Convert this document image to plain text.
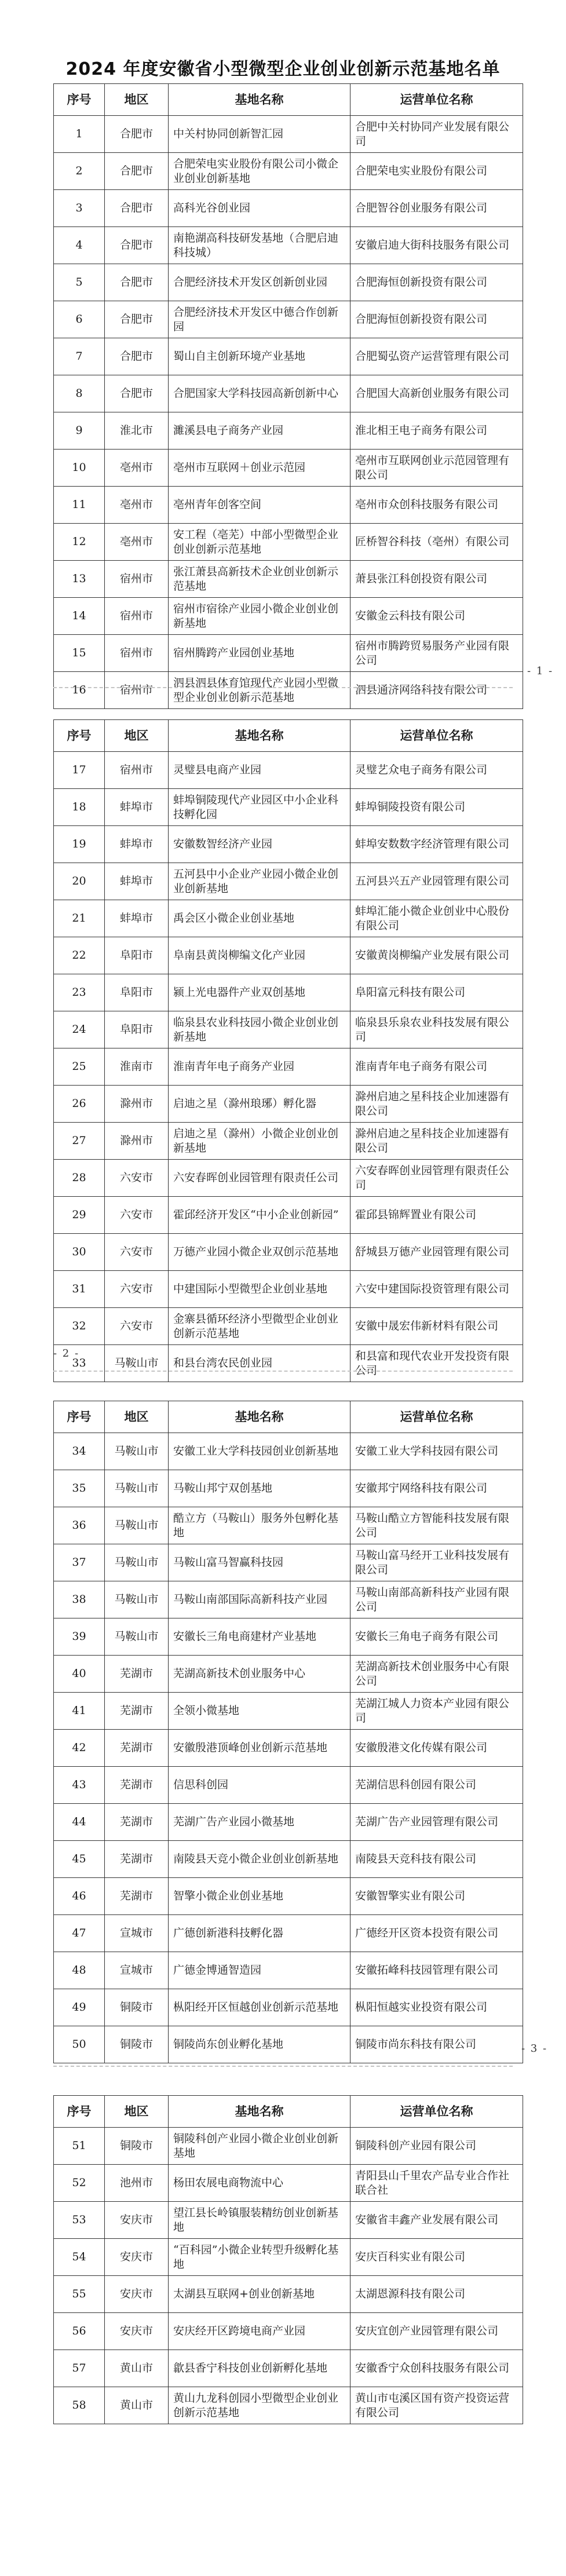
2024 年度安徽省小型微型企业创业创新示范基地名单
序号	地区	基地名称	运营单位名称
1	合肥市	中关村协同创新智汇园	合肥中关村协同产业发展有限公司
2	合肥市	合肥荣电实业股份有限公司小微企业创业创新基地	合肥荣电实业股份有限公司
3	合肥市	高科光谷创业园	合肥智谷创业服务有限公司
4	合肥市	南艳湖高科技研发基地（合肥启迪科技城）	安徽启迪大街科技服务有限公司
5	合肥市	合肥经济技术开发区创新创业园	合肥海恒创新投资有限公司
6	合肥市	合肥经济技术开发区中德合作创新园	合肥海恒创新投资有限公司
7	合肥市	蜀山自主创新环境产业基地	合肥蜀弘资产运营管理有限公司
8	合肥市	合肥国家大学科技园高新创新中心	合肥国大高新创业服务有限公司
9	淮北市	濉溪县电子商务产业园	淮北相王电子商务有限公司
10	亳州市	亳州市互联网＋创业示范园	亳州市互联网创业示范园管理有限公司
11	亳州市	亳州青年创客空间	亳州市众创科技服务有限公司
12	亳州市	安工程（亳芜）中部小型微型企业创业创新示范基地	匠桥智谷科技（亳州）有限公司
13	宿州市	张江萧县高新技术企业创业创新示范基地	萧县张江科创投资有限公司
14	宿州市	宿州市宿徐产业园小微企业创业创新基地	安徽金云科技有限公司
15	宿州市	宿州腾跨产业园创业基地	宿州市腾跨贸易服务产业园有限公司
16	宿州市	泗县泗县体育馆现代产业园小型微型企业创业创新示范基地	泗县通济网络科技有限公司
序号	地区	基地名称	运营单位名称
17	宿州市	灵璧县电商产业园	灵璧艺众电子商务有限公司
18	蚌埠市	蚌埠铜陵现代产业园区中小企业科技孵化园	蚌埠铜陵投资有限公司
19	蚌埠市	安徽数智经济产业园	蚌埠安数数字经济管理有限公司
20	蚌埠市	五河县中小企业产业园小微企业创业创新基地	五河县兴五产业园管理有限公司
21	蚌埠市	禹会区小微企业创业基地	蚌埠汇能小微企业创业中心股份有限公司
22	阜阳市	阜南县黄岗柳编文化产业园	安徽黄岗柳编产业发展有限公司
23	阜阳市	颍上光电器件产业双创基地	阜阳富元科技有限公司
24	阜阳市	临泉县农业科技园小微企业创业创新基地	临泉县乐泉农业科技发展有限公司
25	淮南市	淮南青年电子商务产业园	淮南青年电子商务有限公司
26	滁州市	启迪之星（滁州琅琊）孵化器	滁州启迪之星科技企业加速器有限公司
27	滁州市	启迪之星（滁州）小微企业创业创新基地	滁州启迪之星科技企业加速器有限公司
28	六安市	六安春晖创业园管理有限责任公司	六安春晖创业园管理有限责任公司
29	六安市	霍邱经济开发区“中小企业创新园”	霍邱县锦辉置业有限公司
30	六安市	万德产业园小微企业双创示范基地	舒城县万德产业园管理有限公司
31	六安市	中建国际小型微型企业创业基地	六安中建国际投资管理有限公司
32	六安市	金寨县循环经济小型微型企业创业创新示范基地	安徽中晟宏伟新材料有限公司
33	马鞍山市	和县台湾农民创业园	和县富和现代农业开发投资有限公司
序号	地区	基地名称	运营单位名称
34	马鞍山市	安徽工业大学科技园创业创新基地	安徽工业大学科技园有限公司
35	马鞍山市	马鞍山邦宁双创基地	安徽邦宁网络科技有限公司
36	马鞍山市	酷立方（马鞍山）服务外包孵化基地	马鞍山酷立方智能科技发展有限公司
37	马鞍山市	马鞍山富马智赢科技园	马鞍山富马经开工业科技发展有限公司
38	马鞍山市	马鞍山南部国际高新科技产业园	马鞍山南部高新科技产业园有限公司
39	马鞍山市	安徽长三角电商建材产业基地	安徽长三角电子商务有限公司
40	芜湖市	芜湖高新技术创业服务中心	芜湖高新技术创业服务中心有限公司
41	芜湖市	全领小微基地	芜湖江城人力资本产业园有限公司
42	芜湖市	安徽殷港顶峰创业创新示范基地	安徽殷港文化传媒有限公司
43	芜湖市	信思科创园	芜湖信思科创园有限公司
44	芜湖市	芜湖广告产业园小微基地	芜湖广告产业园管理有限公司
45	芜湖市	南陵县天竞小微企业创业创新基地	南陵县天竞科技有限公司
46	芜湖市	智擎小微企业创业基地	安徽智擎实业有限公司
47	宣城市	广德创新港科技孵化器	广德经开区资本投资有限公司
48	宣城市	广德金博通智造园	安徽拓峰科技园管理有限公司
49	铜陵市	枞阳经开区恒越创业创新示范基地	枞阳恒越实业投资有限公司
50	铜陵市	铜陵尚东创业孵化基地	铜陵市尚东科技有限公司
序号	地区	基地名称	运营单位名称
51	铜陵市	铜陵科创产业园小微企业创业创新基地	铜陵科创产业园有限公司
52	池州市	杨田农展电商物流中心	青阳县山千里农产品专业合作社联合社
53	安庆市	望江县长岭镇服装精纺创业创新基地	安徽省丰鑫产业发展有限公司
54	安庆市	“百科园”小微企业转型升级孵化基地	安庆百科实业有限公司
55	安庆市	太湖县互联网+创业创新基地	太湖恩源科技有限公司
56	安庆市	安庆经开区跨境电商产业园	安庆宜创产业园管理有限公司
57	黄山市	歙县香宁科技创业创新孵化基地	安徽香宁众创科技服务有限公司
58	黄山市	黄山九龙科创园小型微型企业创业创新示范基地	黄山市屯溪区国有资产投资运营有限公司
- 1 -
- 2 -
- 3 -
